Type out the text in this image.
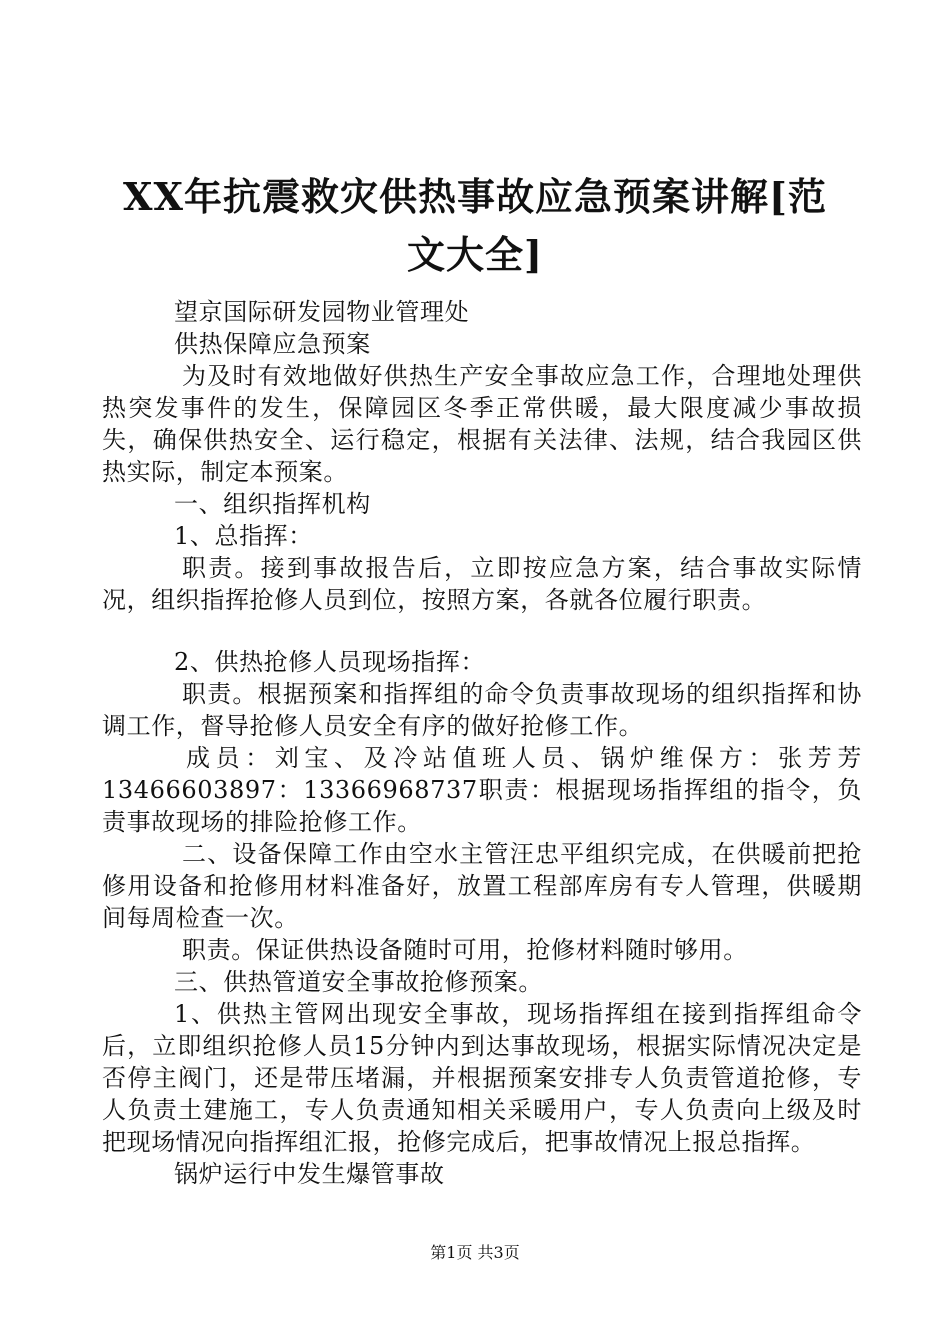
XX年抗震救灾供热事故应急预案讲解[范文大全]

望京国际研发园物业管理处

供热保障应急预案

为及时有效地做好供热生产安全事故应急工作，合理地处理供热突发事件的发生，保障园区冬季正常供暖，最大限度减少事故损失，确保供热安全、运行稳定，根据有关法律、法规，结合我园区供热实际，制定本预案。

一、组织指挥机构

1、总指挥：

职责。接到事故报告后，立即按应急方案，结合事故实际情况，组织指挥抢修人员到位，按照方案，各就各位履行职责。

2、供热抢修人员现场指挥：

职责。根据预案和指挥组的命令负责事故现场的组织指挥和协调工作，督导抢修人员安全有序的做好抢修工作。

成员：刘宝、及冷站值班人员、锅炉维保方：张芳芳13466603897：13366968737职责：根据现场指挥组的指令，负责事故现场的排险抢修工作。

二、设备保障工作由空水主管汪忠平组织完成，在供暖前把抢修用设备和抢修用材料准备好，放置工程部库房有专人管理，供暖期间每周检查一次。

职责。保证供热设备随时可用，抢修材料随时够用。

三、供热管道安全事故抢修预案。

1、供热主管网出现安全事故，现场指挥组在接到指挥组命令后，立即组织抢修人员15分钟内到达事故现场，根据实际情况决定是否停主阀门，还是带压堵漏，并根据预案安排专人负责管道抢修，专人负责土建施工，专人负责通知相关采暖用户，专人负责向上级及时把现场情况向指挥组汇报，抢修完成后，把事故情况上报总指挥。

锅炉运行中发生爆管事故

第1页 共3页
